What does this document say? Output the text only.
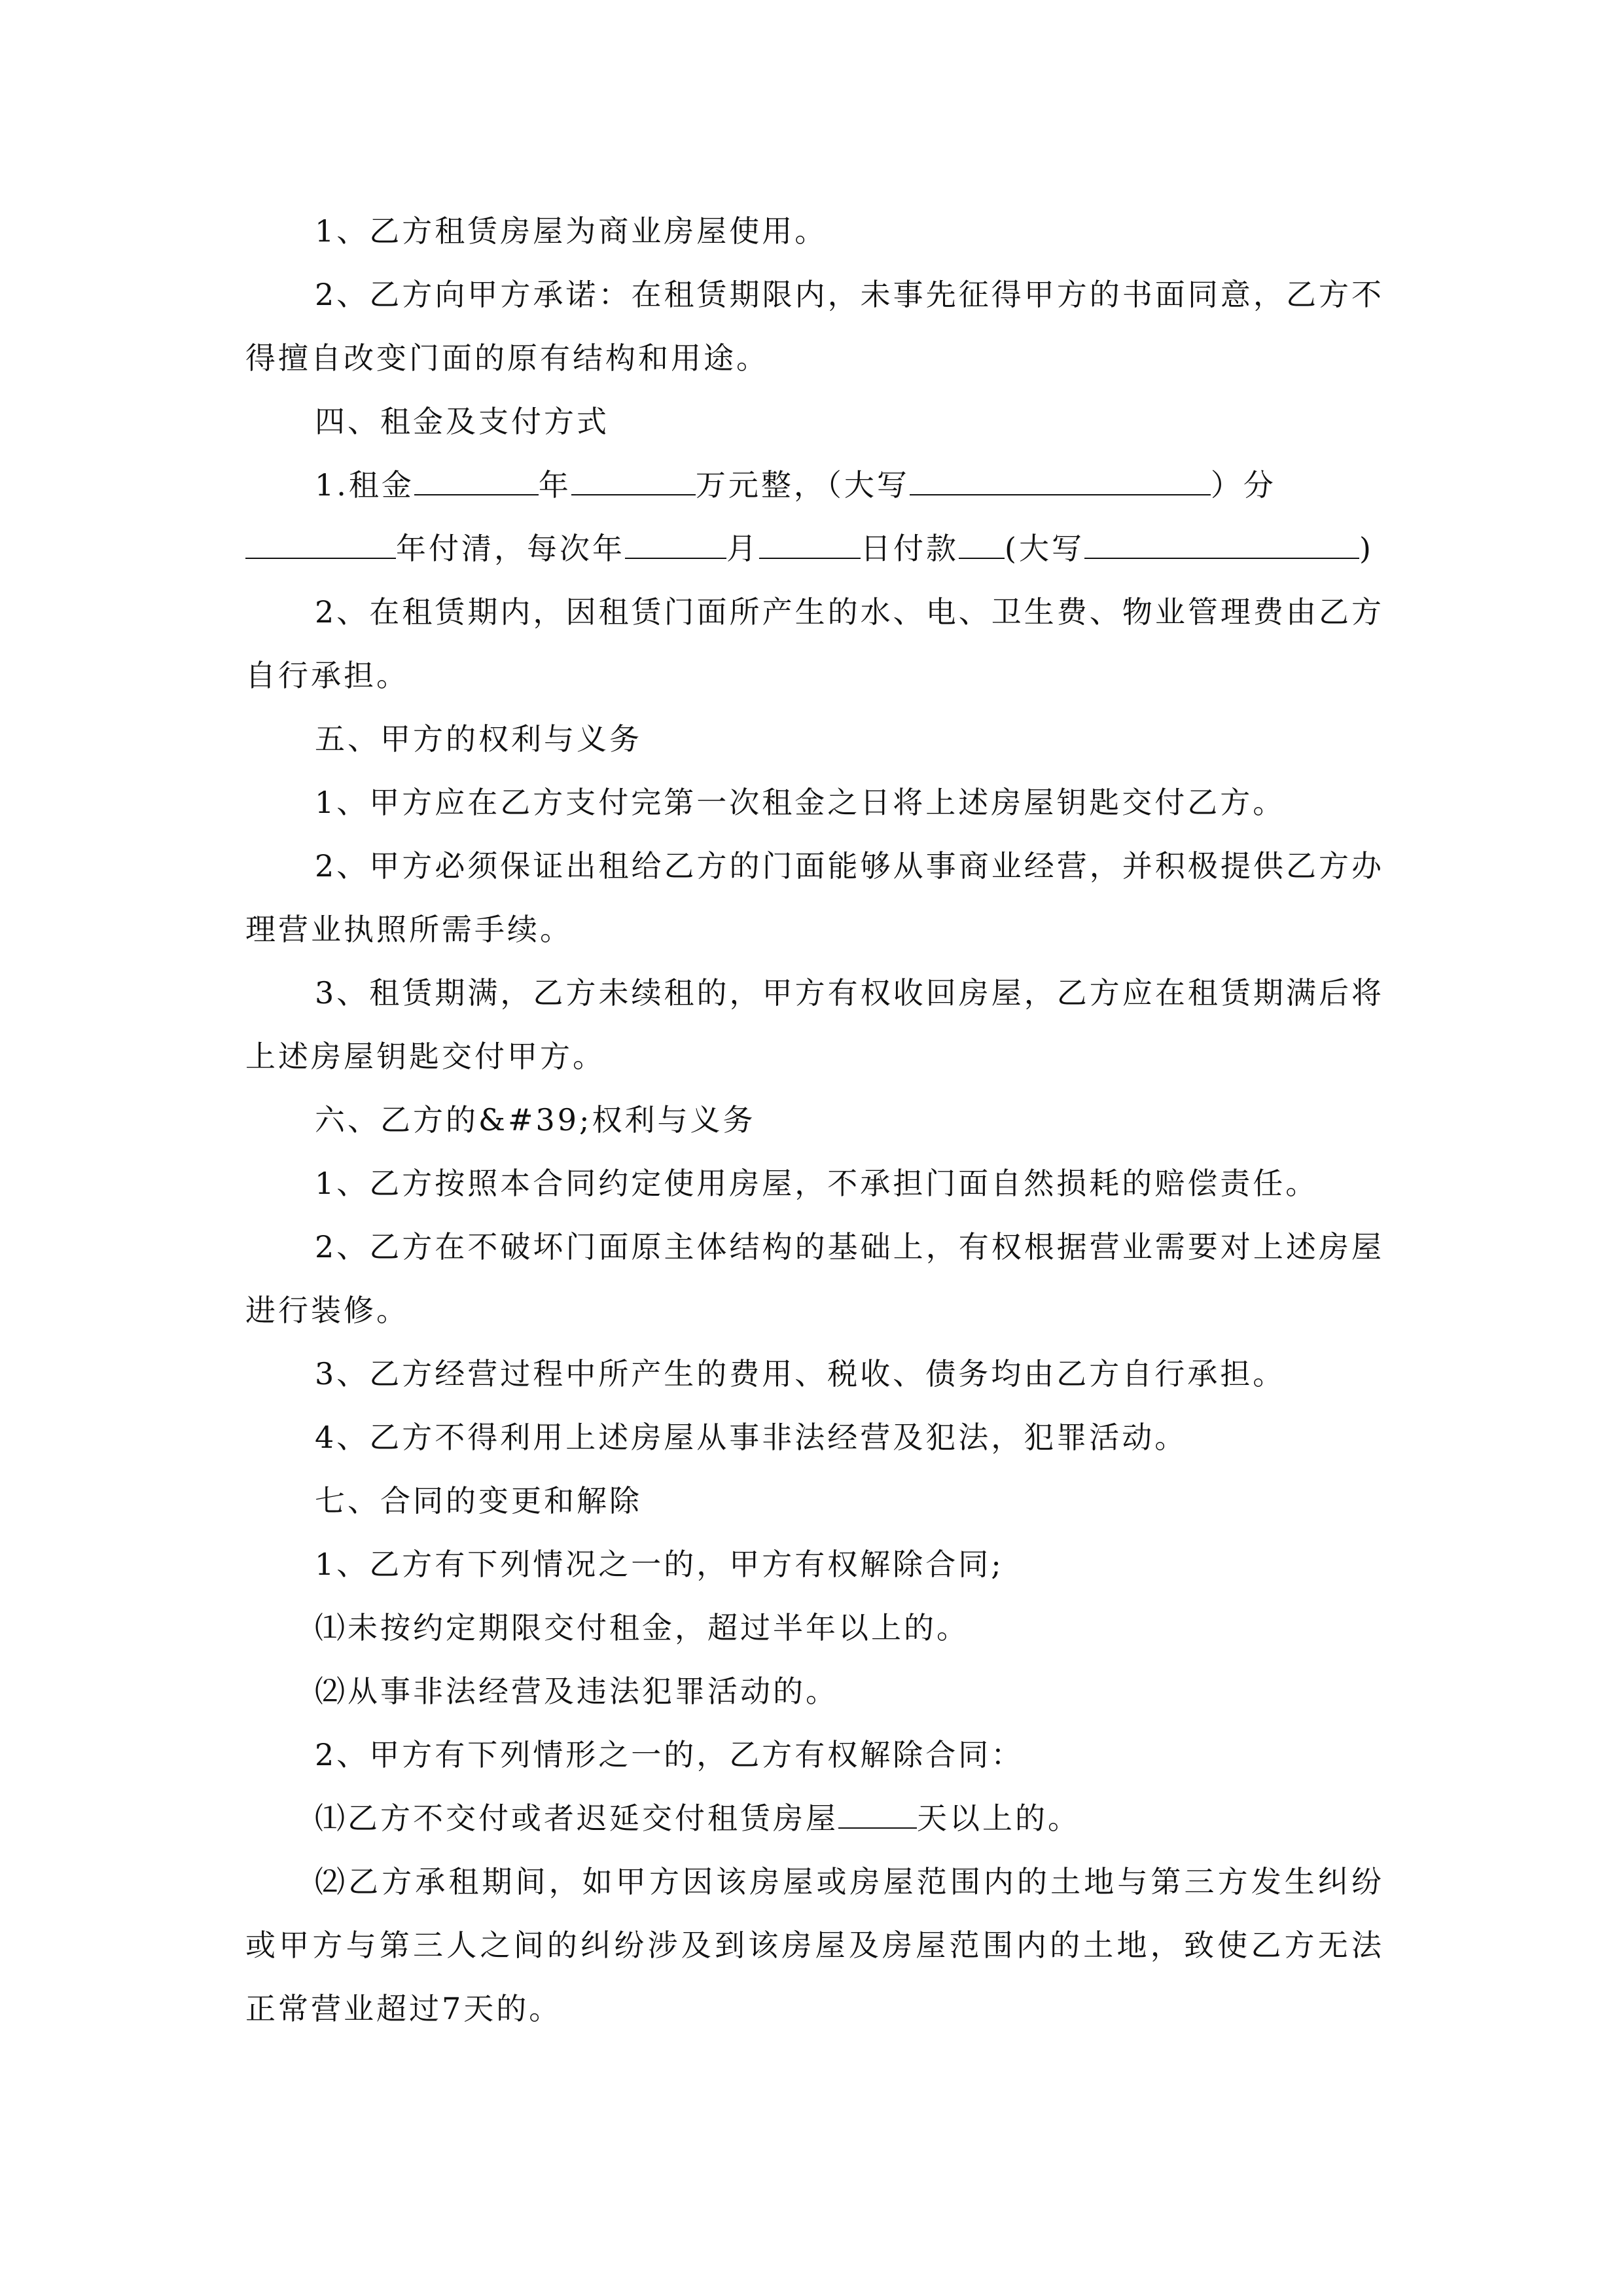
1、乙方租赁房屋为商业房屋使用。

2、乙方向甲方承诺：在租赁期限内，未事先征得甲方的书面同意，乙方不得擅自改变门面的原有结构和用途。

四、租金及支付方式

1.租金	年	万元整，（大写	）分

年付清，每次年	月	日付款 (大写	)

2、在租赁期内，因租赁门面所产生的水、电、卫生费、物业管理费由乙方自行承担。

五、甲方的权利与义务

1、甲方应在乙方支付完第一次租金之日将上述房屋钥匙交付乙方。

2、甲方必须保证出租给乙方的门面能够从事商业经营，并积极提供乙方办理营业执照所需手续。

3、租赁期满，乙方未续租的，甲方有权收回房屋，乙方应在租赁期满后将上述房屋钥匙交付甲方。

六、乙方的&#39;权利与义务

1、乙方按照本合同约定使用房屋，不承担门面自然损耗的赔偿责任。

2、乙方在不破坏门面原主体结构的基础上，有权根据营业需要对上述房屋进行装修。

3、乙方经营过程中所产生的费用、税收、债务均由乙方自行承担。

4、乙方不得利用上述房屋从事非法经营及犯法，犯罪活动。

七、合同的变更和解除

1、乙方有下列情况之一的，甲方有权解除合同;

⑴未按约定期限交付租金，超过半年以上的。

⑵从事非法经营及违法犯罪活动的。

2、甲方有下列情形之一的，乙方有权解除合同：

⑴乙方不交付或者迟延交付租赁房屋	天以上的。

⑵乙方承租期间，如甲方因该房屋或房屋范围内的土地与第三方发生纠纷或甲方与第三人之间的纠纷涉及到该房屋及房屋范围内的土地，致使乙方无法正常营业超过7天的。
